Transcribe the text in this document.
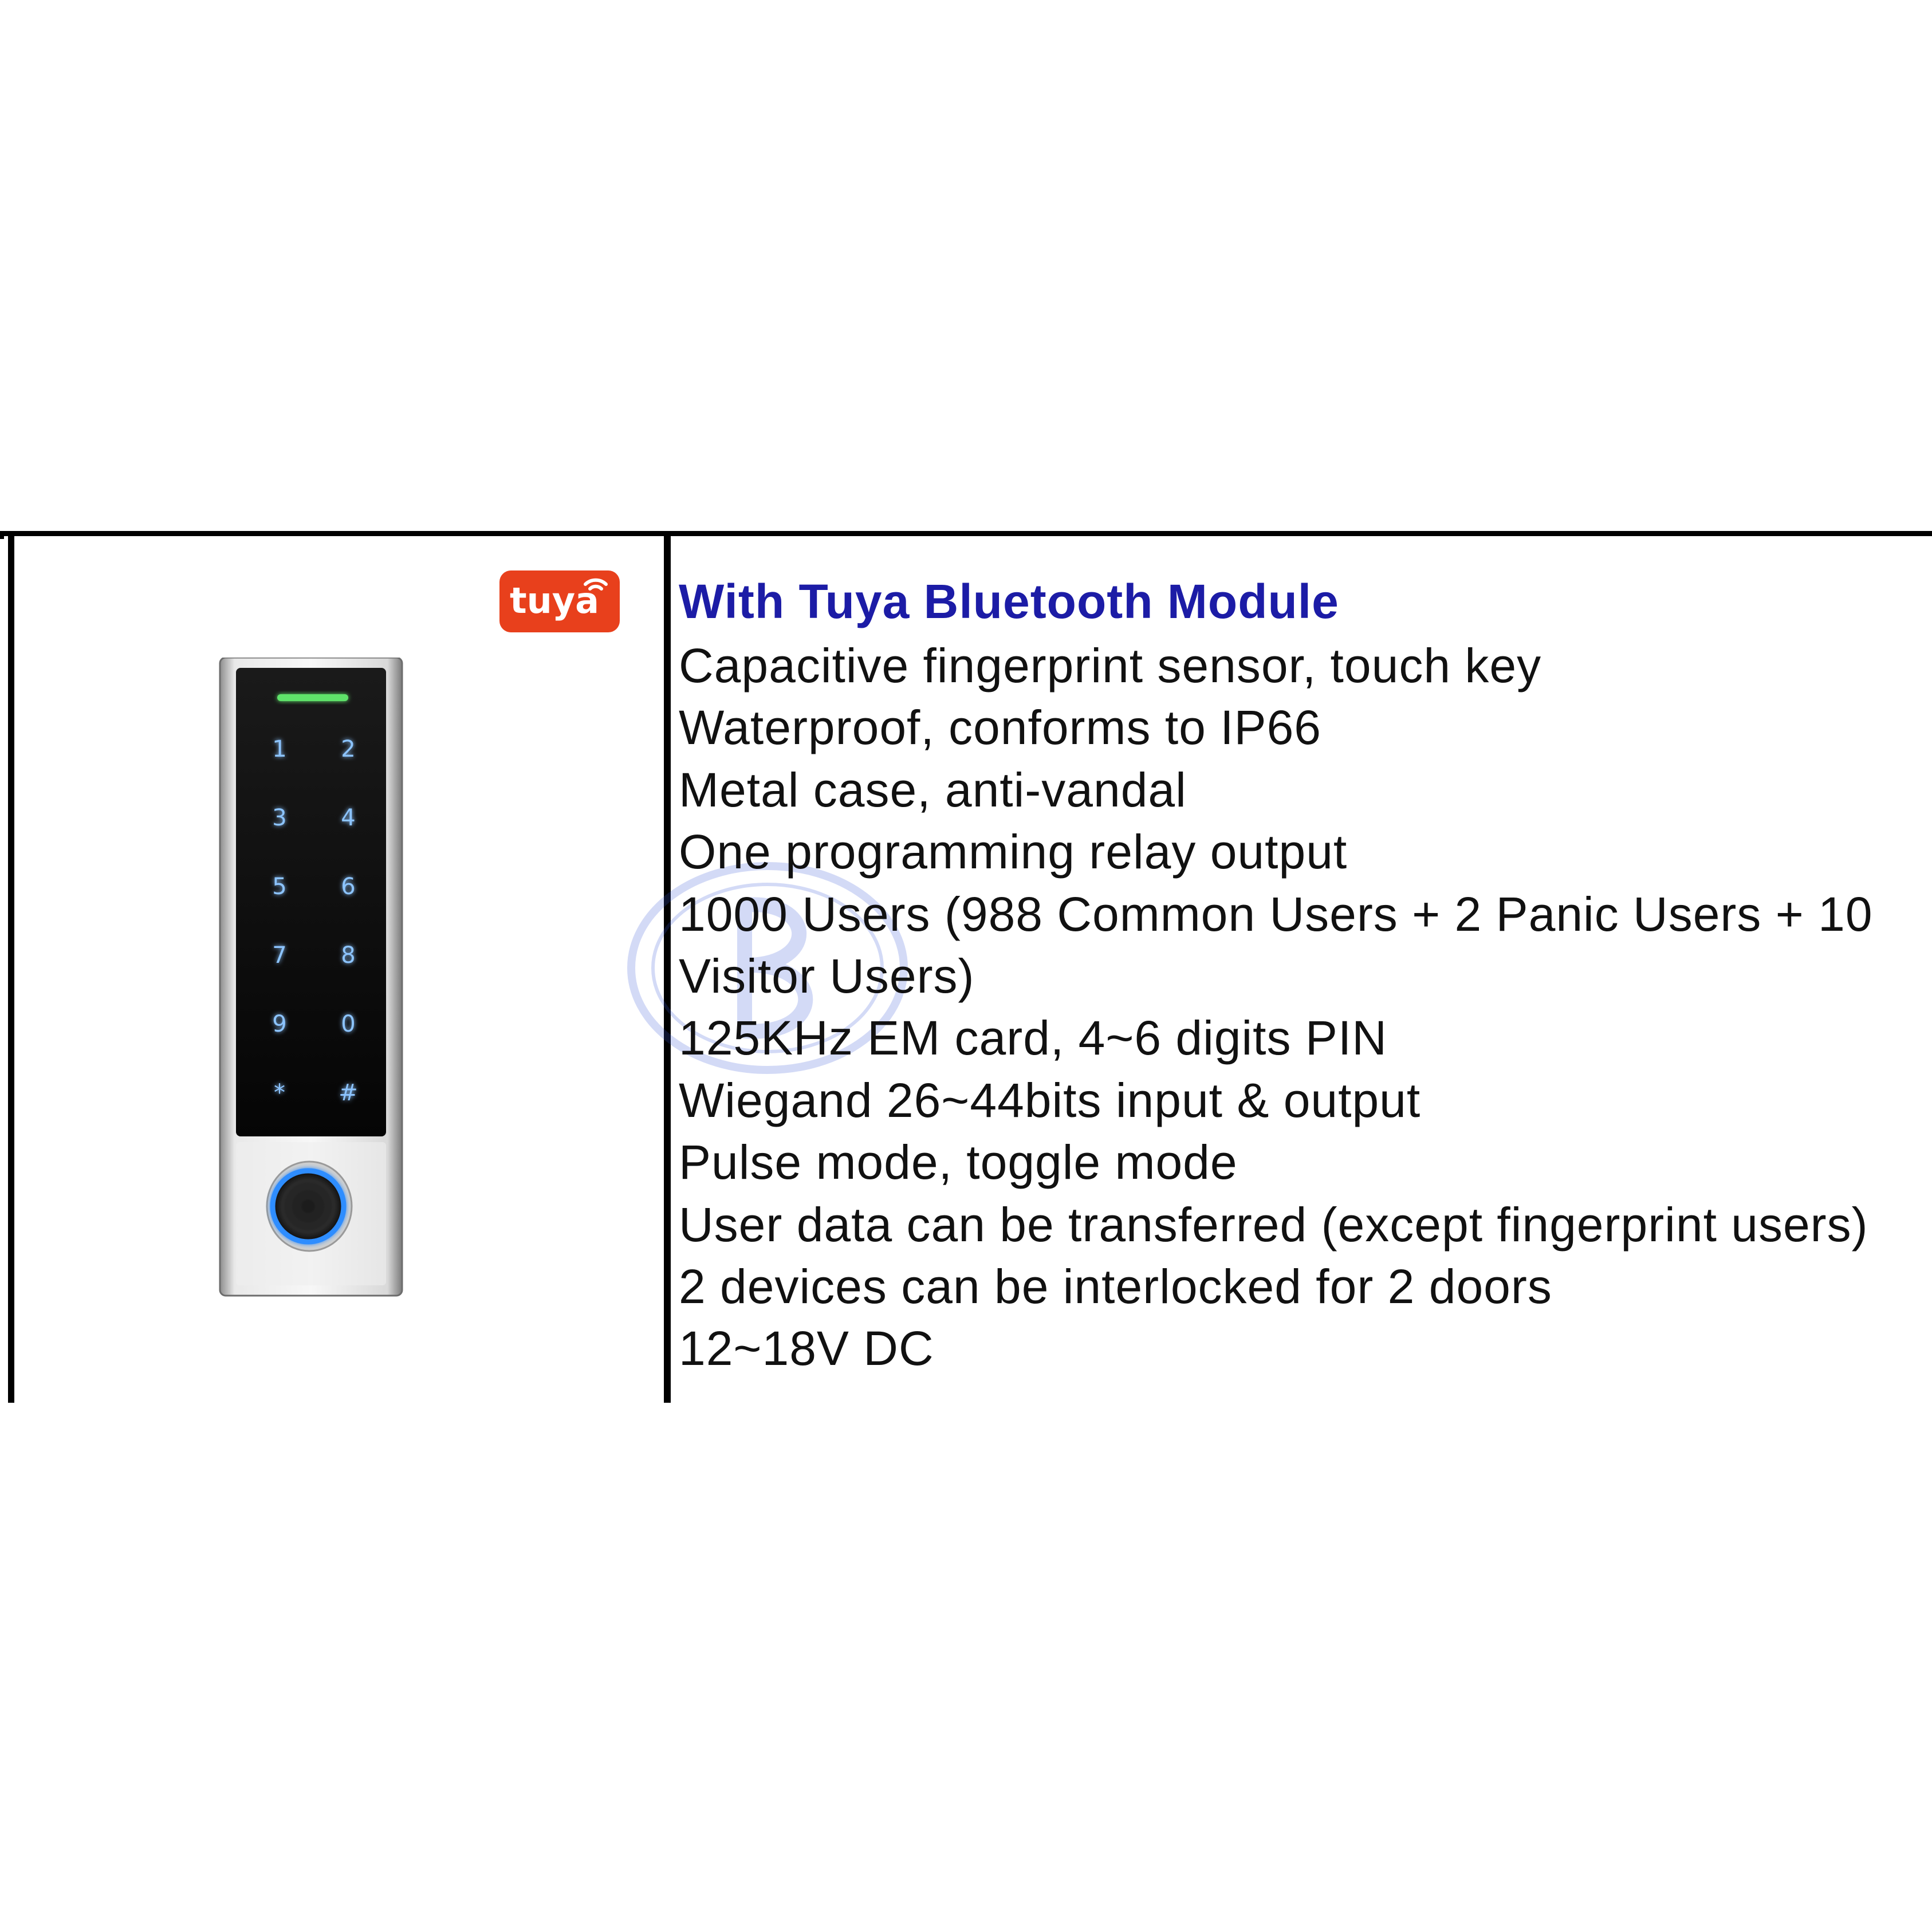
tuya
1 2
3 4
5 6
7 8
9 0
* #
With Tuya Bluetooth Module
Capacitive fingerprint sensor, touch key
Waterproof, conforms to IP66
Metal case, anti-vandal
One programming relay output
1000 Users (988 Common Users + 2 Panic Users + 10
Visitor Users)
125KHz EM card, 4~6 digits PIN
Wiegand 26~44bits input & output
Pulse mode, toggle mode
User data can be transferred (except fingerprint users)
2 devices can be interlocked for 2 doors
12~18V DC
